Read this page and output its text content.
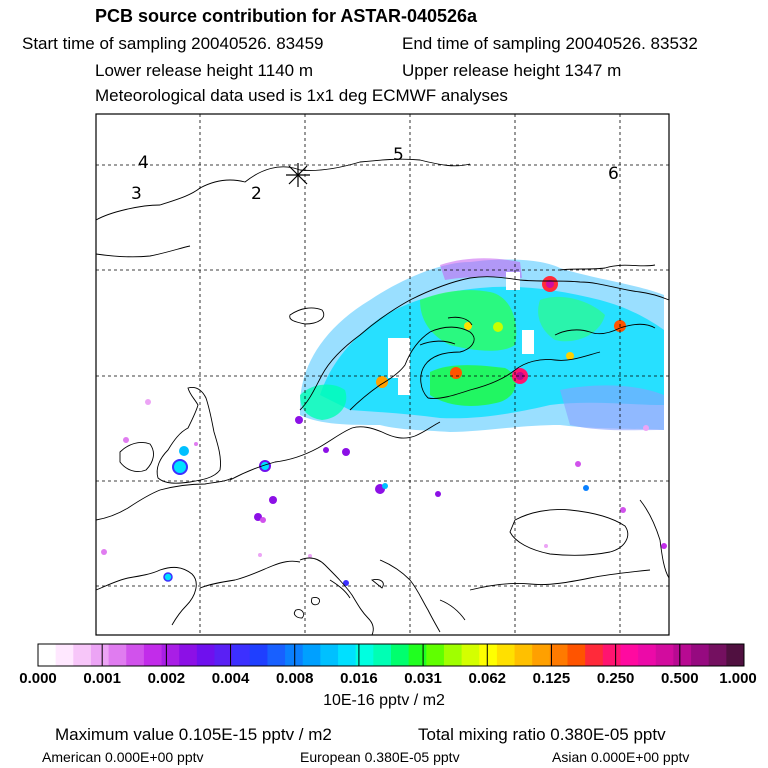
PCB source contribution for ASTAR-040526a
Start time of sampling 20040526. 83459	End time of sampling 20040526. 83532
Lower release height 1140 m	Upper release height 1347 m
Meteorological data used is 1x1 deg ECMWF analyses
4
3	2
5
6
0.000 0.001 0.002 0.004 0.008 0.016 0.031 0.062 0.125 0.250 0.500 1.000
10E-16 pptv / m2
Maximum value 0.105E-15 pptv / m2	Total mixing ratio 0.380E-05 pptv
American 0.000E+00 pptv	European 0.380E-05 pptv	Asian 0.000E+00 pptv
